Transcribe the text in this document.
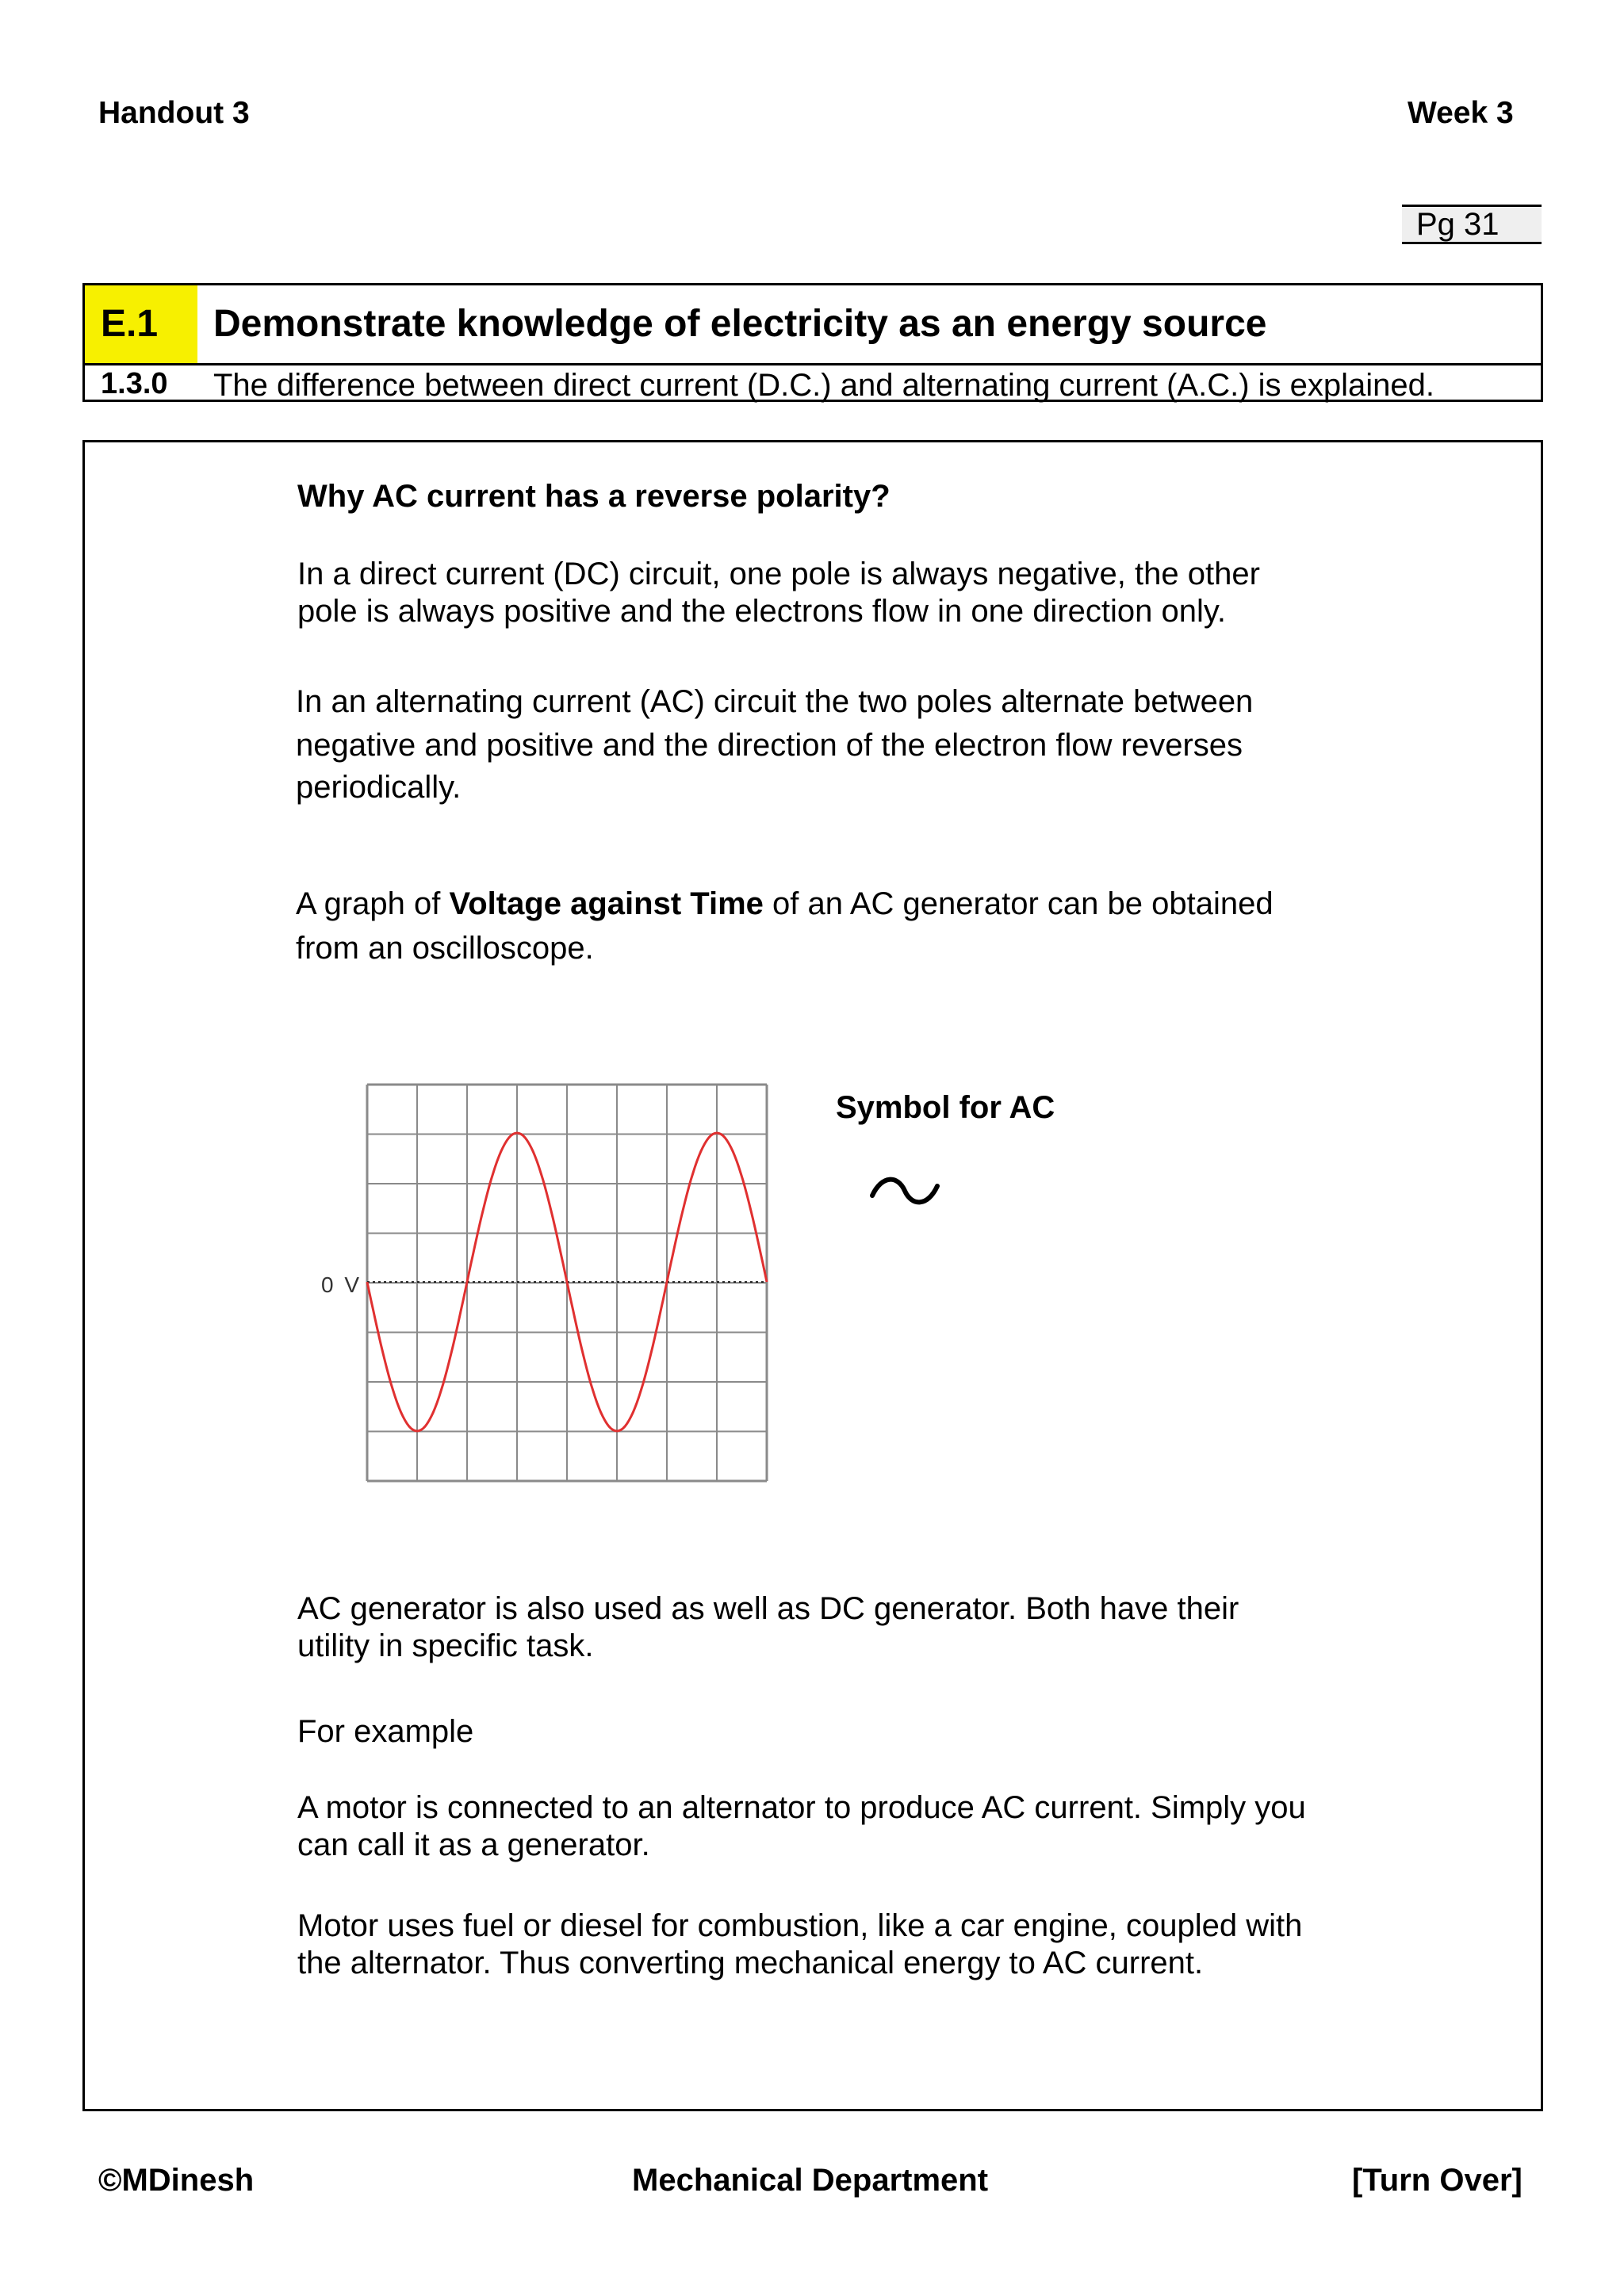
Handout 3	Week 3
Pg 31
E.1	Demonstrate knowledge of electricity as an energy source
1.3.0 The difference between direct current (D.C.) and alternating current (A.C.) is explained.
Why AC current has a reverse polarity?
In a direct current (DC) circuit, one pole is always negative, the other
pole is always positive and the electrons flow in one direction only.
In an alternating current (AC) circuit the two poles alternate between
negative and positive and the direction of the electron flow reverses
periodically.
A graph of Voltage against Time of an AC generator can be obtained
from an oscilloscope.
0 V
Symbol for AC
AC generator is also used as well as DC generator. Both have their
utility in specific task.
For example
A motor is connected to an alternator to produce AC current. Simply you
can call it as a generator.
Motor uses fuel or diesel for combustion, like a car engine, coupled with
the alternator. Thus converting mechanical energy to AC current.
©MDinesh	Mechanical Department	[Turn Over]
